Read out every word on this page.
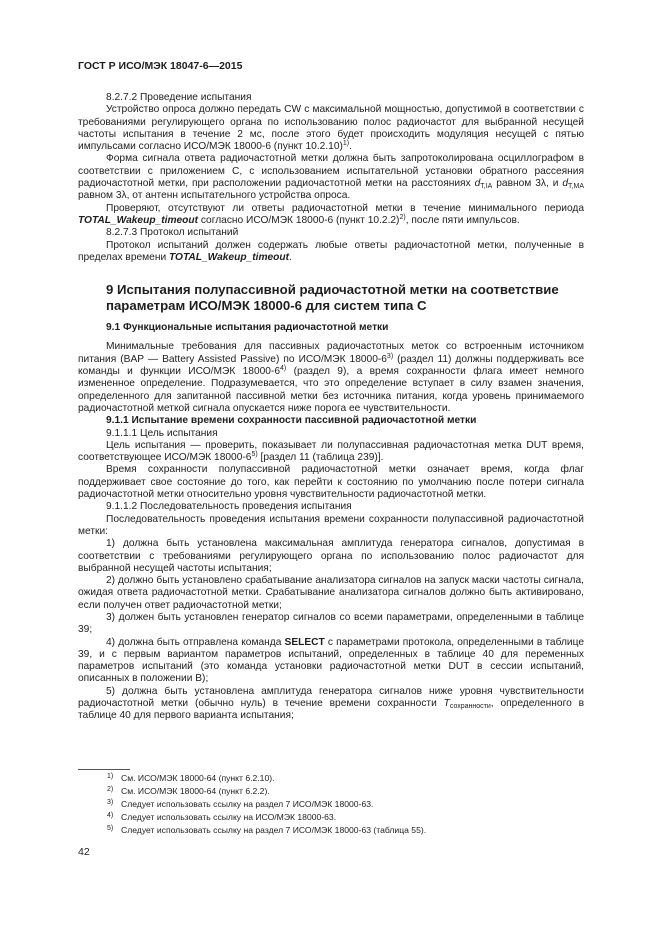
ГОСТ Р ИСО/МЭК 18047-6—2015

8.2.7.2 Проведение испытания

Устройство опроса должно передать CW с максимальной мощностью, допустимой в соответствии с требованиями регулирующего органа по использованию полос радиочастот для выбранной несущей частоты испытания в течение 2 мс, после этого будет происходить модуляция несущей с пятью импульсами согласно ИСО/МЭК 18000-6 (пункт 10.2.10)$^{1)}$.

Форма сигнала ответа радиочастотной метки должна быть запротоколирована осциллографом в соответствии с приложением С, с использованием испытательной установки обратного рассеяния радиочастотной метки, при расположении радиочастотной метки на расстояниях $d_{T,IA}$ равном 3λ, и $d_{T,MA}$ равном 3λ, от антенн испытательного устройства опроса.

Проверяют, отсутствуют ли ответы радиочастотной метки в течение минимального периода TOTAL_Wakeup_timeout согласно ИСО/МЭК 18000-6 (пункт 10.2.2)$^{2)}$, после пяти импульсов.

8.2.7.3 Протокол испытаний

Протокол испытаний должен содержать любые ответы радиочастотной метки, полученные в пределах времени TOTAL_Wakeup_timeout.

9 Испытания полупассивной радиочастотной метки на соответствие параметрам ИСО/МЭК 18000-6 для систем типа С

9.1 Функциональные испытания радиочастотной метки

Минимальные требования для пассивных радиочастотных меток со встроенным источником питания (BAP — Battery Assisted Passive) по ИСО/МЭК 18000-6$^{3)}$ (раздел 11) должны поддерживать все команды и функции ИСО/МЭК 18000-6$^{4)}$ (раздел 9), а время сохранности флага имеет немного измененное определение. Подразумевается, что это определение вступает в силу взамен значения, определенного для запитанной пассивной метки без источника питания, когда уровень принимаемого радиочастотной меткой сигнала опускается ниже порога ее чувствительности.

9.1.1 Испытание времени сохранности пассивной радиочастотной метки

9.1.1.1 Цель испытания

Цель испытания — проверить, показывает ли полупассивная радиочастотная метка DUT время, соответствующее ИСО/МЭК 18000-6$^{5)}$ [раздел 11 (таблица 239)].

Время сохранности полупассивной радиочастотной метки означает время, когда флаг поддерживает свое состояние до того, как перейти к состоянию по умолчанию после потери сигнала радиочастотной метки относительно уровня чувствительности радиочастотной метки.

9.1.1.2 Последовательность проведения испытания

Последовательность проведения испытания времени сохранности полупассивной радиочастотной метки:

1) должна быть установлена максимальная амплитуда генератора сигналов, допустимая в соответствии с требованиями регулирующего органа по использованию полос радиочастот для выбранной несущей частоты испытания;

2) должно быть установлено срабатывание анализатора сигналов на запуск маски частоты сигнала, ожидая ответа радиочастотной метки. Срабатывание анализатора сигналов должно быть активировано, если получен ответ радиочастотной метки;

3) должен быть установлен генератор сигналов со всеми параметрами, определенными в таблице 39;

4) должна быть отправлена команда SELECT с параметрами протокола, определенными в таблице 39, и с первым вариантом параметров испытаний, определенных в таблице 40 для переменных параметров испытаний (это команда установки радиочастотной метки DUT в сессии испытаний, описанных в положении В);

5) должна быть установлена амплитуда генератора сигналов ниже уровня чувствительности радиочастотной метки (обычно нуль) в течение времени сохранности $T_{сохранности}$, определенного в таблице 40 для первого варианта испытания;

1) См. ИСО/МЭК 18000-64 (пункт 6.2.10).
2) См. ИСО/МЭК 18000-64 (пункт 6.2.2).
3) Следует использовать ссылку на раздел 7 ИСО/МЭК 18000-63.
4) Следует использовать ссылку на ИСО/МЭК 18000-63.
5) Следует использовать ссылку на раздел 7 ИСО/МЭК 18000-63 (таблица 55).
42
